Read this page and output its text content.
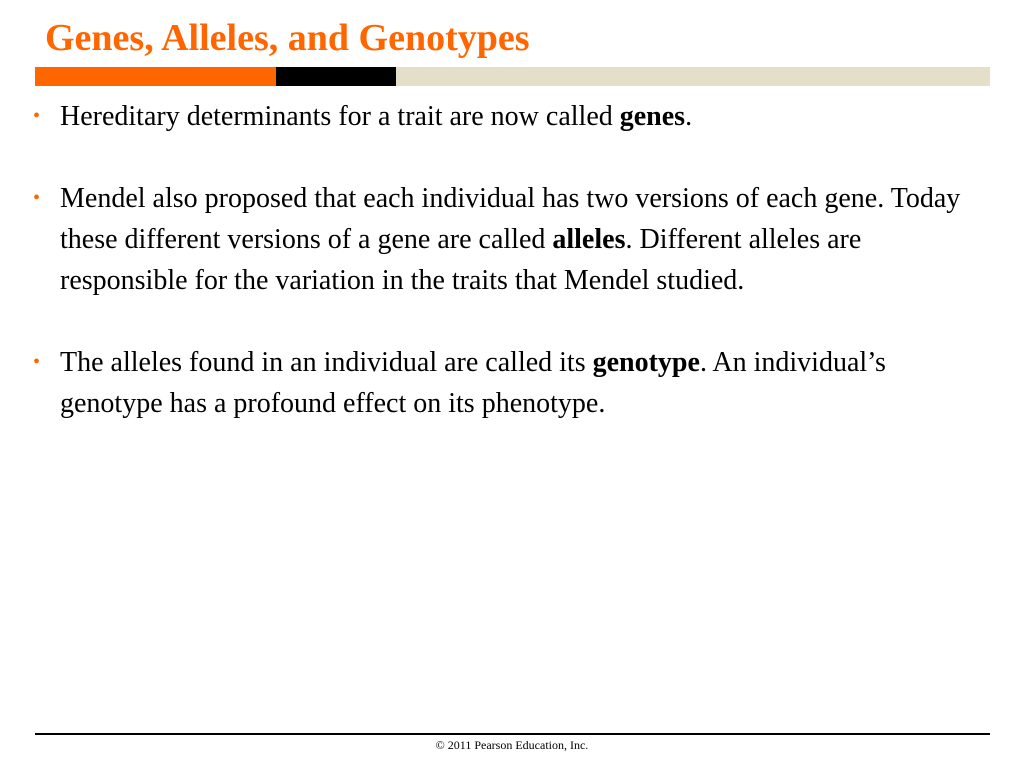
Genes, Alleles, and Genotypes
• Hereditary determinants for a trait are now called genes.
• Mendel also proposed that each individual has two versions of each gene. Today these different versions of a gene are called alleles. Different alleles are responsible for the variation in the traits that Mendel studied.
• The alleles found in an individual are called its genotype. An individual’s genotype has a profound effect on its phenotype.
© 2011 Pearson Education, Inc.
